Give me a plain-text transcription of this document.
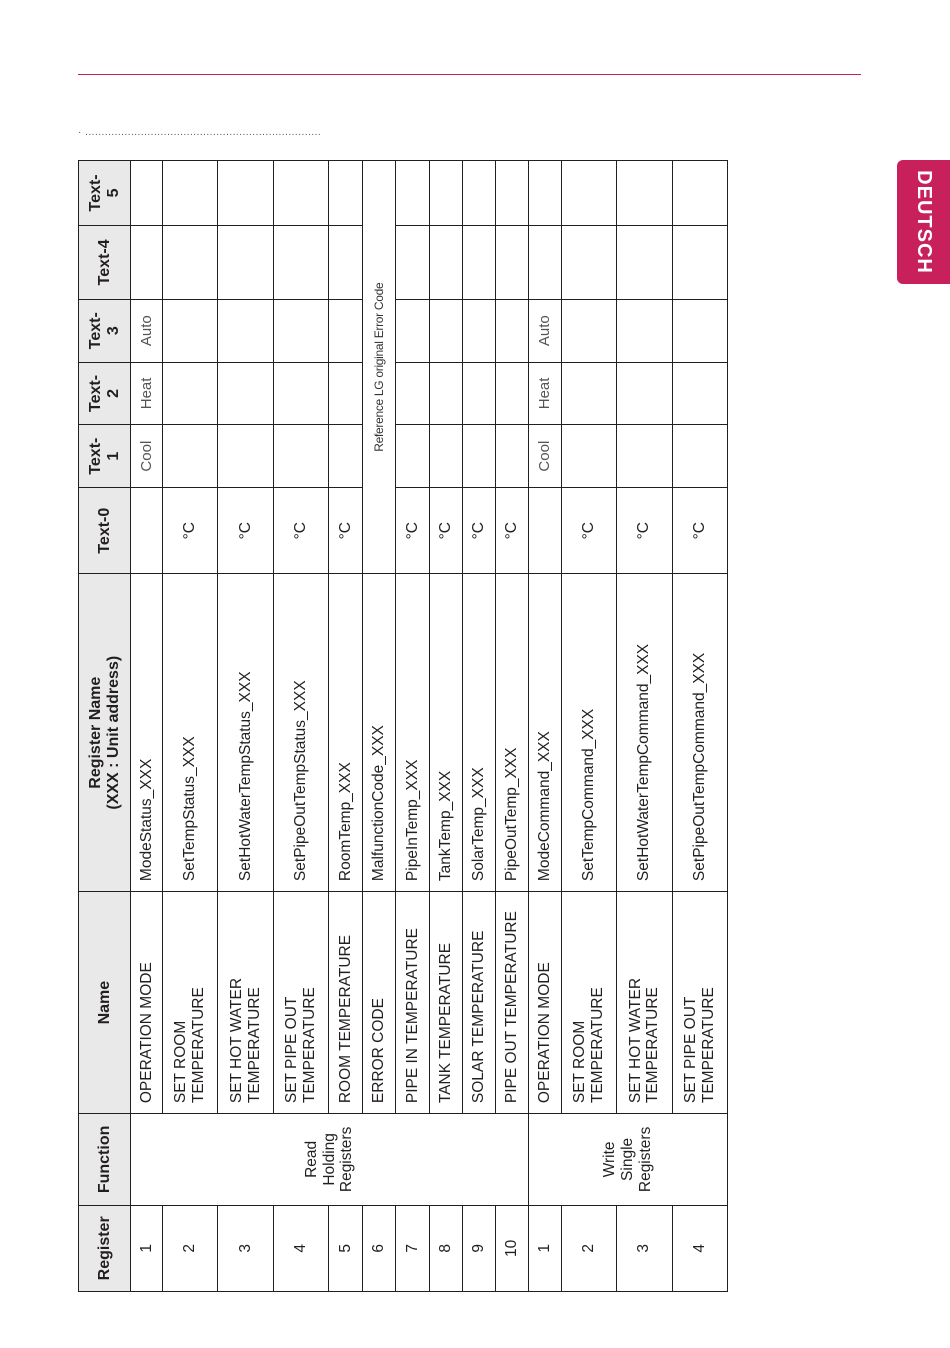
· ........................................................................
DEUTSCH
Register	Function	Name	Register Name (XXX : Unit address)	Text-0	Text-1	Text-2	Text-3	Text-4	Text-5
1	Read Holding Registers	OPERATION MODE	ModeStatus_XXX		Cool	Heat	Auto		
2		SET ROOM TEMPERATURE	SetTempStatus_XXX	°C					
3		SET HOT WATER TEMPERATURE	SetHotWaterTempStatus_XXX	°C					
4		SET PIPE OUT TEMPERATURE	SetPipeOutTempStatus_XXX	°C					
5		ROOM TEMPERATURE	RoomTemp_XXX	°C					
6		ERROR CODE	MalfunctionCode_XXX	Reference LG original Error Code					
7		PIPE IN TEMPERATURE	PipeInTemp_XXX	°C					
8		TANK TEMPERATURE	TankTemp_XXX	°C					
9		SOLAR TEMPERATURE	SolarTemp_XXX	°C					
10		PIPE OUT TEMPERATURE	PipeOutTemp_XXX	°C					
1	Write Single Registers	OPERATION MODE	ModeCommand_XXX		Cool	Heat	Auto		
2		SET ROOM TEMPERATURE	SetTempCommand_XXX	°C					
3		SET HOT WATER TEMPERATURE	SetHotWaterTempCommand_XXX	°C					
4		SET PIPE OUT TEMPERATURE	SetPipeOutTempCommand_XXX	°C					
